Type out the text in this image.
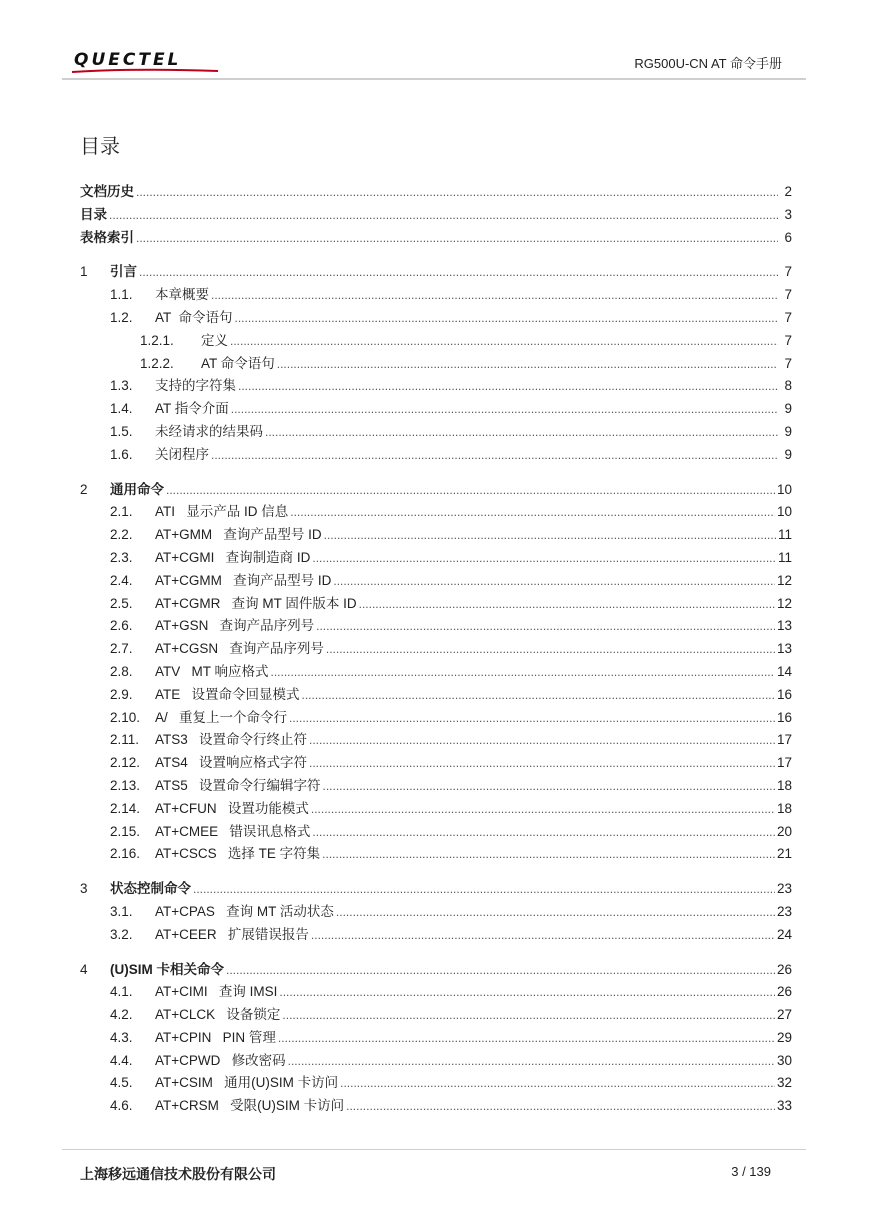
QUECTEL	RG500U-CN AT 命令手册
目录
文档历史 .....	2
目录 .....	3
表格索引 .....	6
1	引言 .....	7
1.1.	本章概要 .....	7
1.2.	AT  命令语句 .....	7
1.2.1.	定义 .....	7
1.2.2.	AT 命令语句 .....	7
1.3.	支持的字符集 .....	8
1.4.	AT 指令介面 .....	9
1.5.	未经请求的结果码 .....	9
1.6.	关闭程序 .....	9
2	通用命令 .....	10
2.1.	ATI   显示产品 ID 信息 .....	10
2.2.	AT+GMM   查询产品型号 ID .....	11
2.3.	AT+CGMI   查询制造商 ID .....	11
2.4.	AT+CGMM   查询产品型号 ID .....	12
2.5.	AT+CGMR   查询 MT 固件版本 ID .....	12
2.6.	AT+GSN   查询产品序列号 .....	13
2.7.	AT+CGSN   查询产品序列号 .....	13
2.8.	ATV   MT 响应格式 .....	14
2.9.	ATE   设置命令回显模式 .....	16
2.10.	A/   重复上一个命令行 .....	16
2.11.	ATS3   设置命令行终止符 .....	17
2.12.	ATS4   设置响应格式字符 .....	17
2.13.	ATS5   设置命令行编辑字符 .....	18
2.14.	AT+CFUN   设置功能模式 .....	18
2.15.	AT+CMEE   错误讯息格式 .....	20
2.16.	AT+CSCS   选择 TE 字符集 .....	21
3	状态控制命令 .....	23
3.1.	AT+CPAS   查询 MT 活动状态 .....	23
3.2.	AT+CEER   扩展错误报告 .....	24
4	(U)SIM 卡相关命令 .....	26
4.1.	AT+CIMI   查询 IMSI .....	26
4.2.	AT+CLCK   设备锁定 .....	27
4.3.	AT+CPIN   PIN 管理 .....	29
4.4.	AT+CPWD   修改密码 .....	30
4.5.	AT+CSIM   通用(U)SIM 卡访问 .....	32
4.6.	AT+CRSM   受限(U)SIM 卡访问 .....	33
上海移远通信技术股份有限公司	3 / 139
